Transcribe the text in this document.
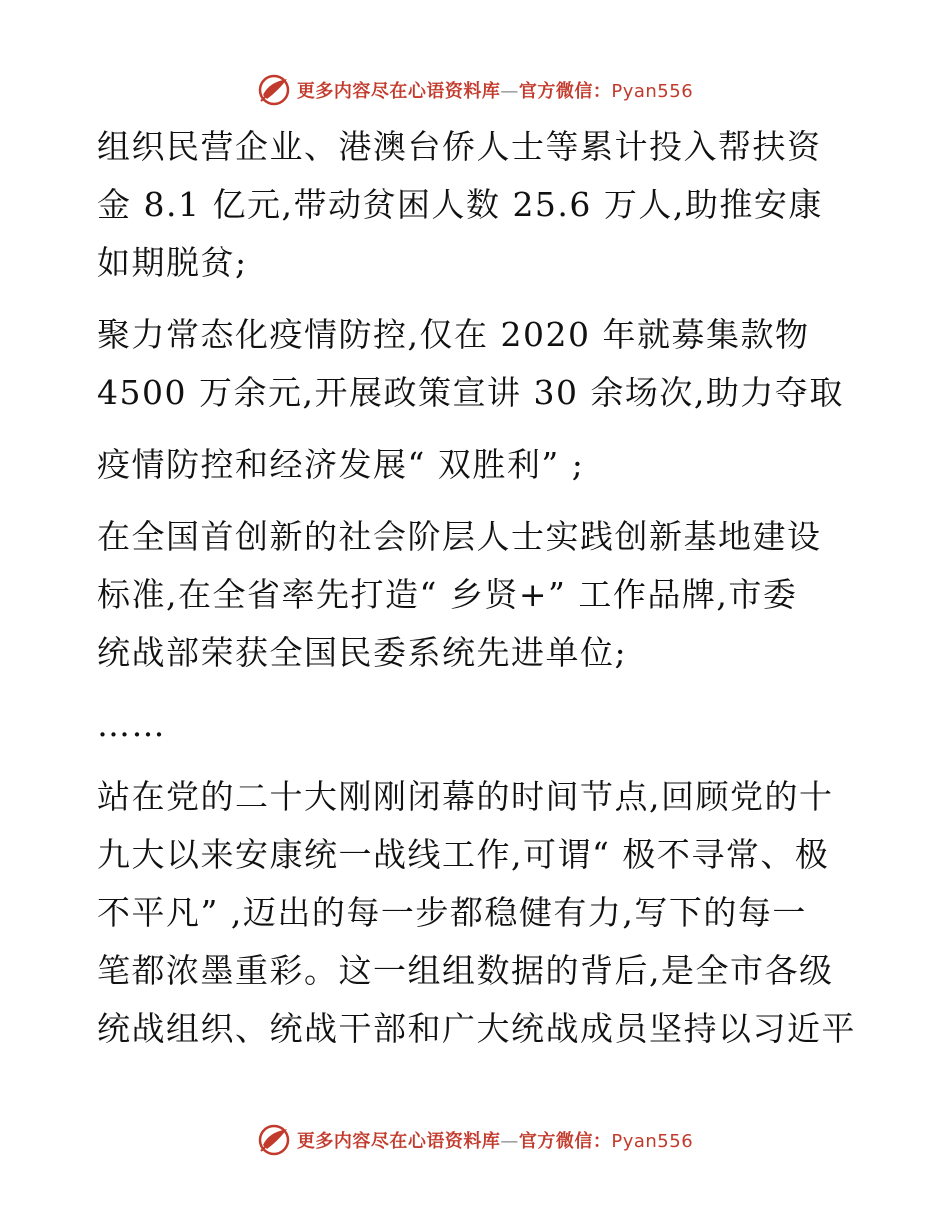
更多内容尽在心语资料库—官方微信：Pyan556

组织民营企业、港澳台侨人士等累计投入帮扶资
金 8.1 亿元,带动贫困人数 25.6 万人,助推安康
如期脱贫;

聚力常态化疫情防控,仅在 2020 年就募集款物
4500 万余元,开展政策宣讲 30 余场次,助力夺取

疫情防控和经济发展“ 双胜利” ;

在全国首创新的社会阶层人士实践创新基地建设
标准,在全省率先打造“ 乡贤+” 工作品牌,市委
统战部荣获全国民委系统先进单位;

……

站在党的二十大刚刚闭幕的时间节点,回顾党的十
九大以来安康统一战线工作,可谓“ 极不寻常、极
不平凡” ,迈出的每一步都稳健有力,写下的每一
笔都浓墨重彩。这一组组数据的背后,是全市各级
统战组织、统战干部和广大统战成员坚持以习近平

更多内容尽在心语资料库—官方微信：Pyan556
